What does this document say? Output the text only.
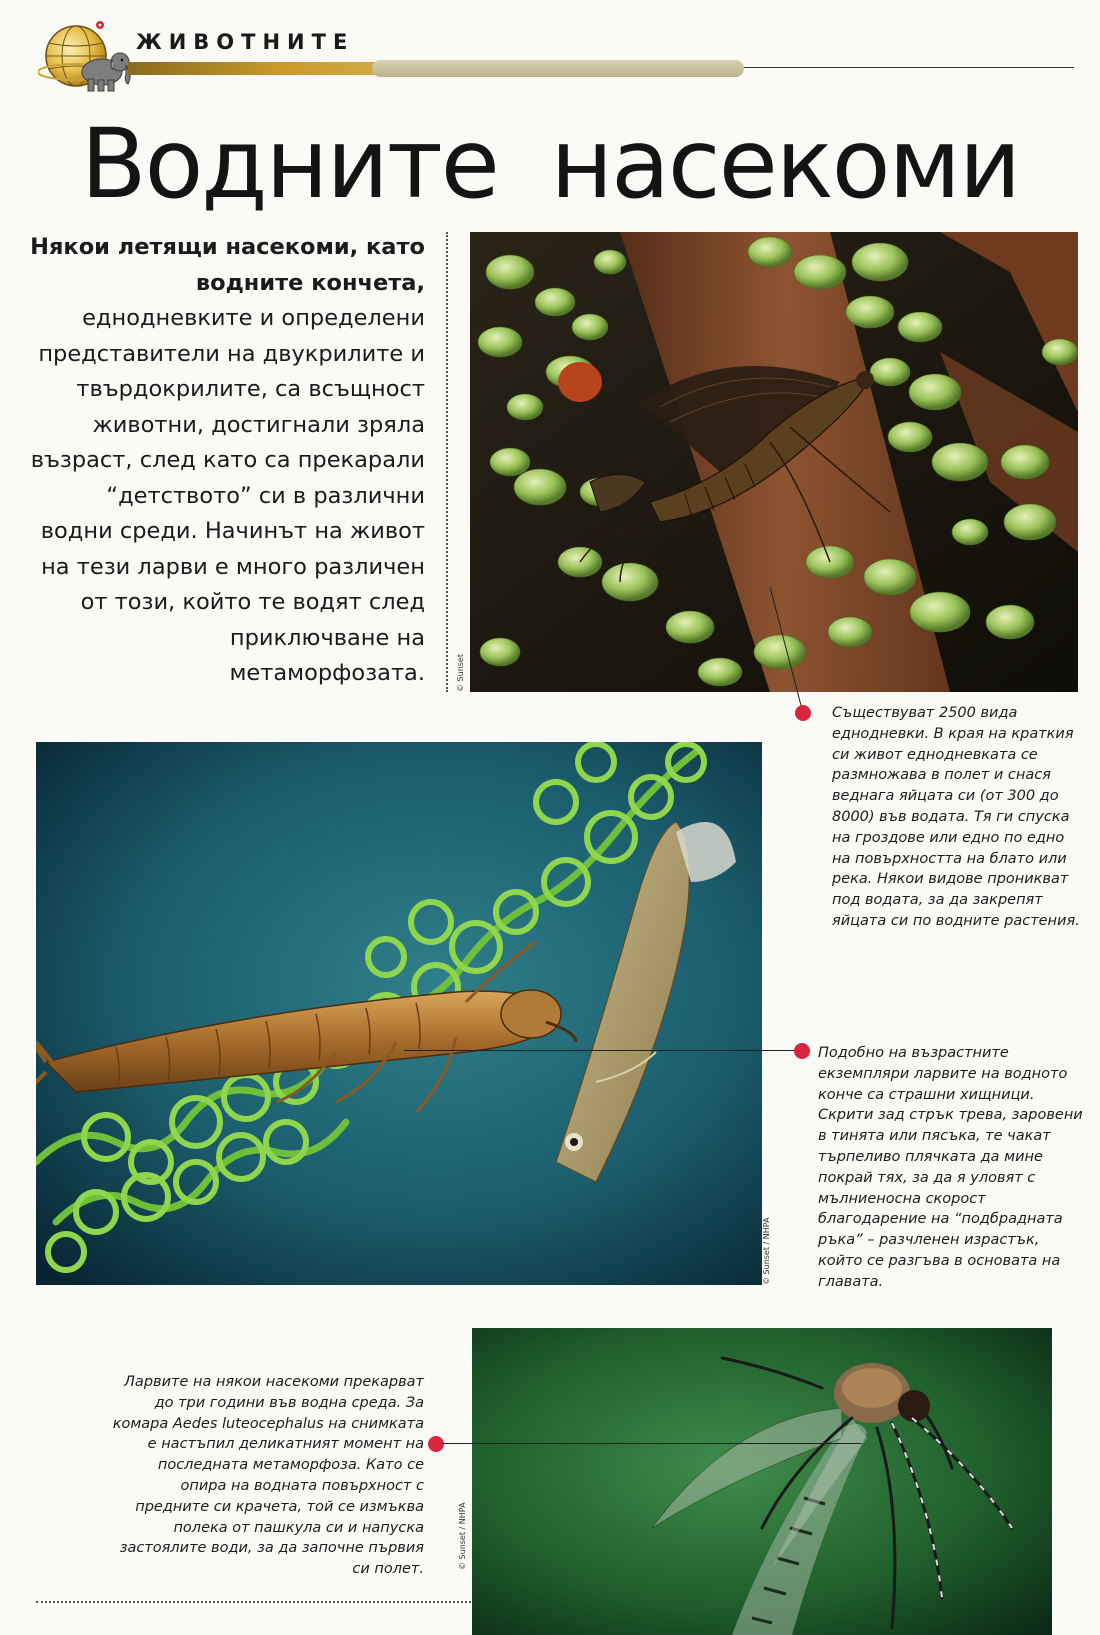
ЖИВОТНИТЕ
Водните насекоми
Някои летящи насекоми, като водните кончета, еднодневките и определени представители на двукрилите и твърдокрилите, са всъщност животни, достигнали зряла възраст, след като са прекарали “детството” си в различни водни среди. Начинът на живот на тези ларви е много различен от този, който те водят след приключване на метаморфозата.	© Sunset
Съществуват 2500 вида еднодневки. В края на краткия си живот еднодневката се размножава в полет и снася веднага яйцата си (от 300 до 8000) във водата. Тя ги спуска на гроздове или едно по едно на повърхността на блато или река. Някои видове проникват под водата, за да закрепят яйцата си по водните растения.
© Sunset / NHPA
Подобно на възрастните екземпляри ларвите на водното конче са страшни хищници. Скрити зад стрък трева, заровени в тинята или пясъка, те чакат търпеливо плячката да мине покрай тях, за да я уловят с мълниеносна скорост благодарение на “подбрадната ръка” – разчленен израстък, който се разгъва в основата на главата.
© Sunset / NHPA
Ларвите на някои насекоми прекарват до три години във водна среда. За комара Aedes luteocephalus на снимката е настъпил деликатният момент на последната метаморфоза. Като се опира на водната повърхност с предните си крачета, той се измъква полека от пашкула си и напуска застоялите води, за да започне първия си полет.
